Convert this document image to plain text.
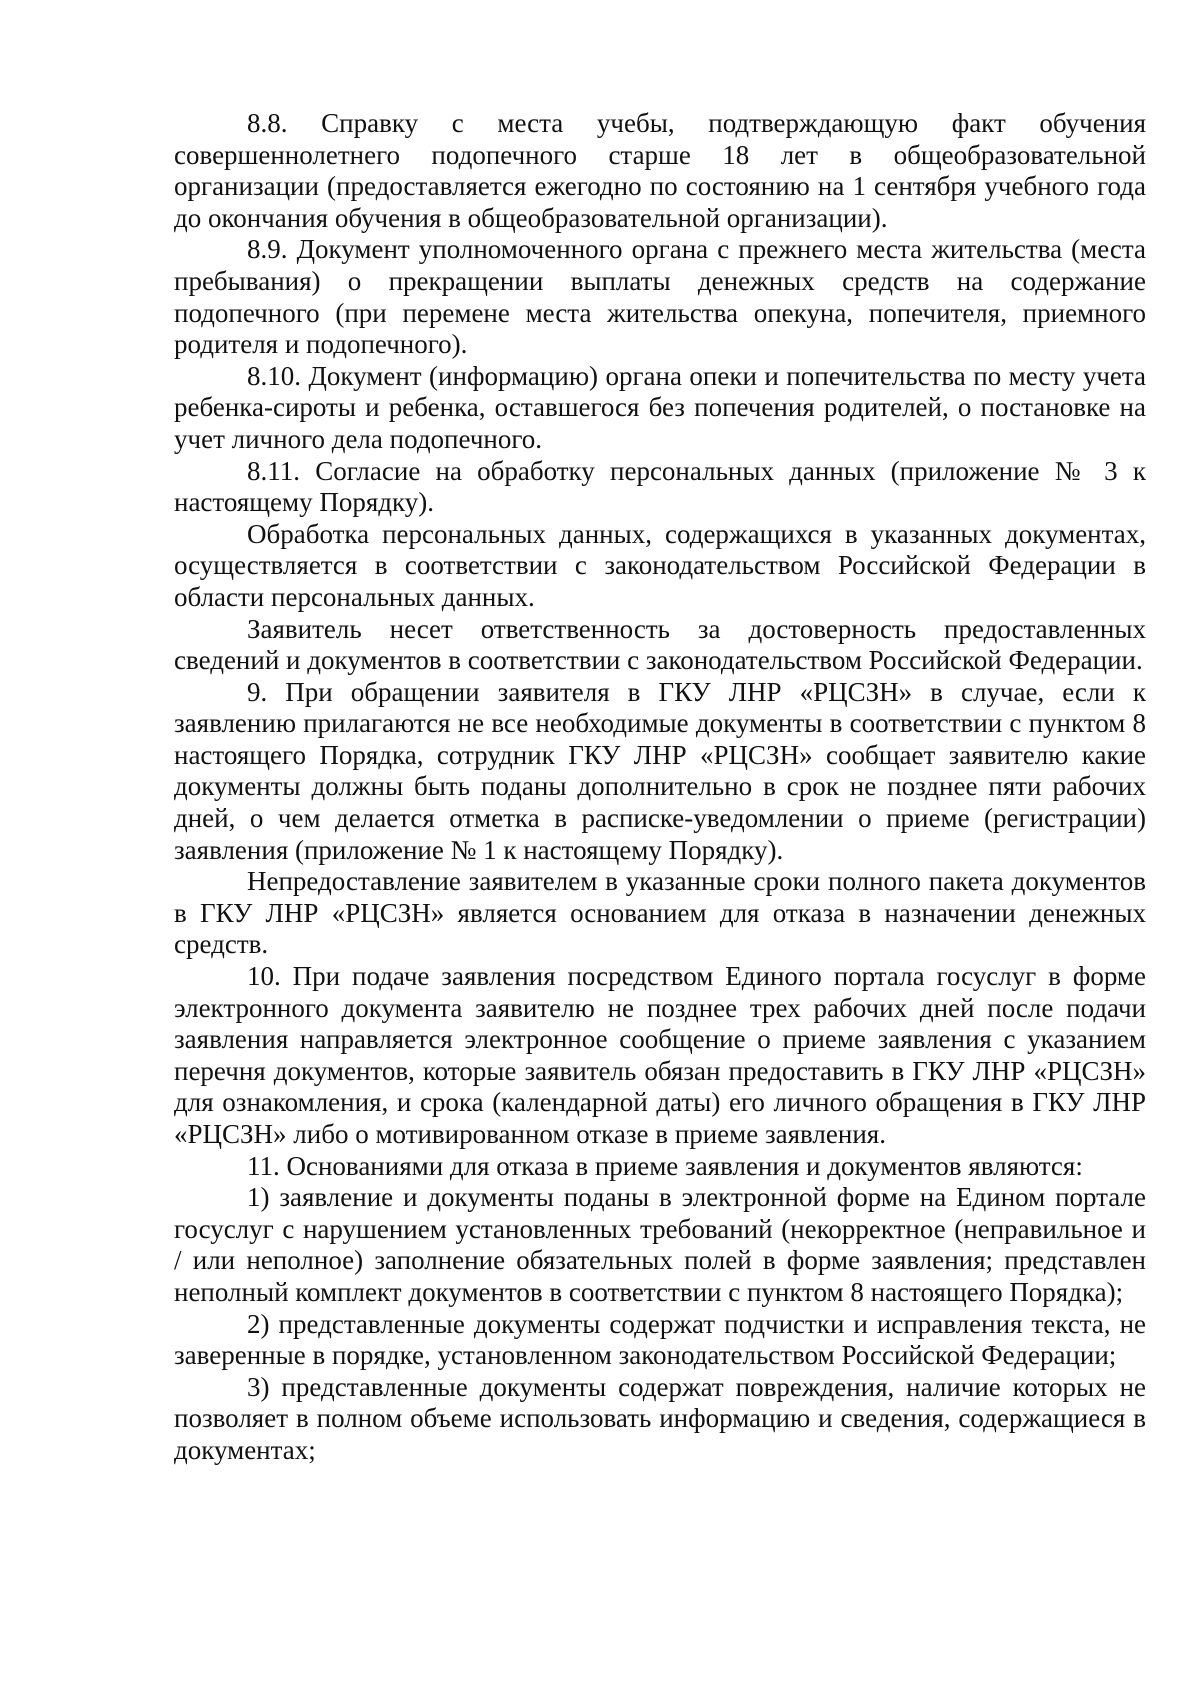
8.8. Справку с места учебы, подтверждающую факт обучения совершеннолетнего подопечного старше 18 лет в общеобразовательной организации (предоставляется ежегодно по состоянию на 1 сентября учебного года до окончания обучения в общеобразовательной организации).

8.9. Документ уполномоченного органа с прежнего места жительства (места пребывания) о прекращении выплаты денежных средств на содержание подопечного (при перемене места жительства опекуна, попечителя, приемного родителя и подопечного).

8.10. Документ (информацию) органа опеки и попечительства по месту учета ребенка-сироты и ребенка, оставшегося без попечения родителей, о постановке на учет личного дела подопечного.

8.11. Согласие на обработку персональных данных (приложение № 3 к настоящему Порядку).

Обработка персональных данных, содержащихся в указанных документах, осуществляется в соответствии с законодательством Российской Федерации в области персональных данных.

Заявитель несет ответственность за достоверность предоставленных сведений и документов в соответствии с законодательством Российской Федерации.

9. При обращении заявителя в ГКУ ЛНР «РЦСЗН» в случае, если к заявлению прилагаются не все необходимые документы в соответствии с пунктом 8 настоящего Порядка, сотрудник ГКУ ЛНР «РЦСЗН» сообщает заявителю какие документы должны быть поданы дополнительно в срок не позднее пяти рабочих дней, о чем делается отметка в расписке-уведомлении о приеме (регистрации) заявления (приложение № 1 к настоящему Порядку).

Непредоставление заявителем в указанные сроки полного пакета документов в ГКУ ЛНР «РЦСЗН» является основанием для отказа в назначении денежных средств.

10. При подаче заявления посредством Единого портала госуслуг в форме электронного документа заявителю не позднее трех рабочих дней после подачи заявления направляется электронное сообщение о приеме заявления с указанием перечня документов, которые заявитель обязан предоставить в ГКУ ЛНР «РЦСЗН» для ознакомления, и срока (календарной даты) его личного обращения в ГКУ ЛНР «РЦСЗН» либо о мотивированном отказе в приеме заявления.

11. Основаниями для отказа в приеме заявления и документов являются:

1) заявление и документы поданы в электронной форме на Едином портале госуслуг с нарушением установленных требований (некорректное (неправильное и / или неполное) заполнение обязательных полей в форме заявления; представлен неполный комплект документов в соответствии с пунктом 8 настоящего Порядка);

2) представленные документы содержат подчистки и исправления текста, не заверенные в порядке, установленном законодательством Российской Федерации;

3) представленные документы содержат повреждения, наличие которых не позволяет в полном объеме использовать информацию и сведения, содержащиеся в документах;
